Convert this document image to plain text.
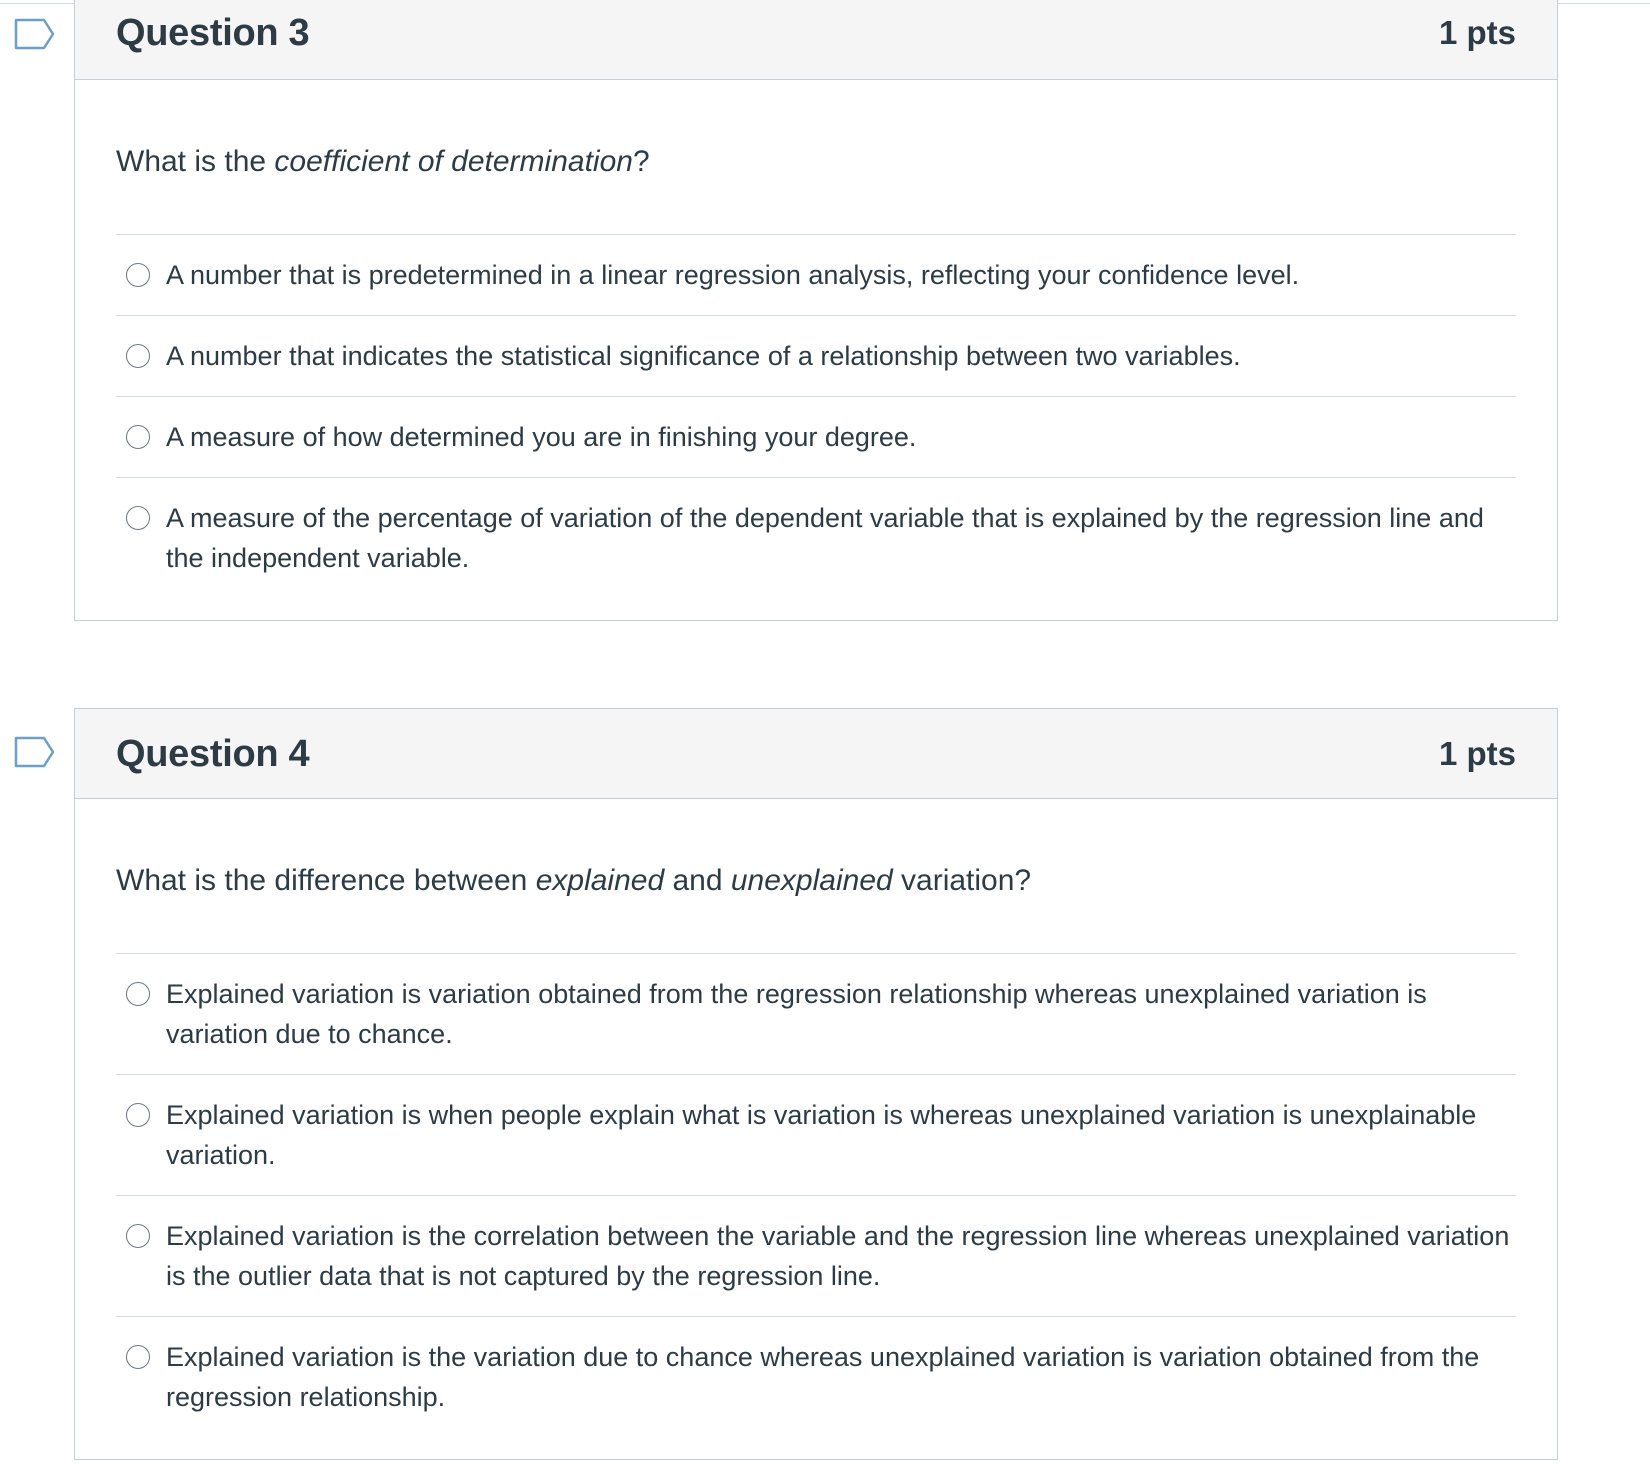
Question 3	1 pts
What is the coefficient of determination?
A number that is predetermined in a linear regression analysis, reflecting your confidence level.
A number that indicates the statistical significance of a relationship between two variables.
A measure of how determined you are in finishing your degree.
A measure of the percentage of variation of the dependent variable that is explained by the regression line and the independent variable.
Question 4	1 pts
What is the difference between explained and unexplained variation?
Explained variation is variation obtained from the regression relationship whereas unexplained variation is variation due to chance.
Explained variation is when people explain what is variation is whereas unexplained variation is unexplainable variation.
Explained variation is the correlation between the variable and the regression line whereas unexplained variation is the outlier data that is not captured by the regression line.
Explained variation is the variation due to chance whereas unexplained variation is variation obtained from the regression relationship.
